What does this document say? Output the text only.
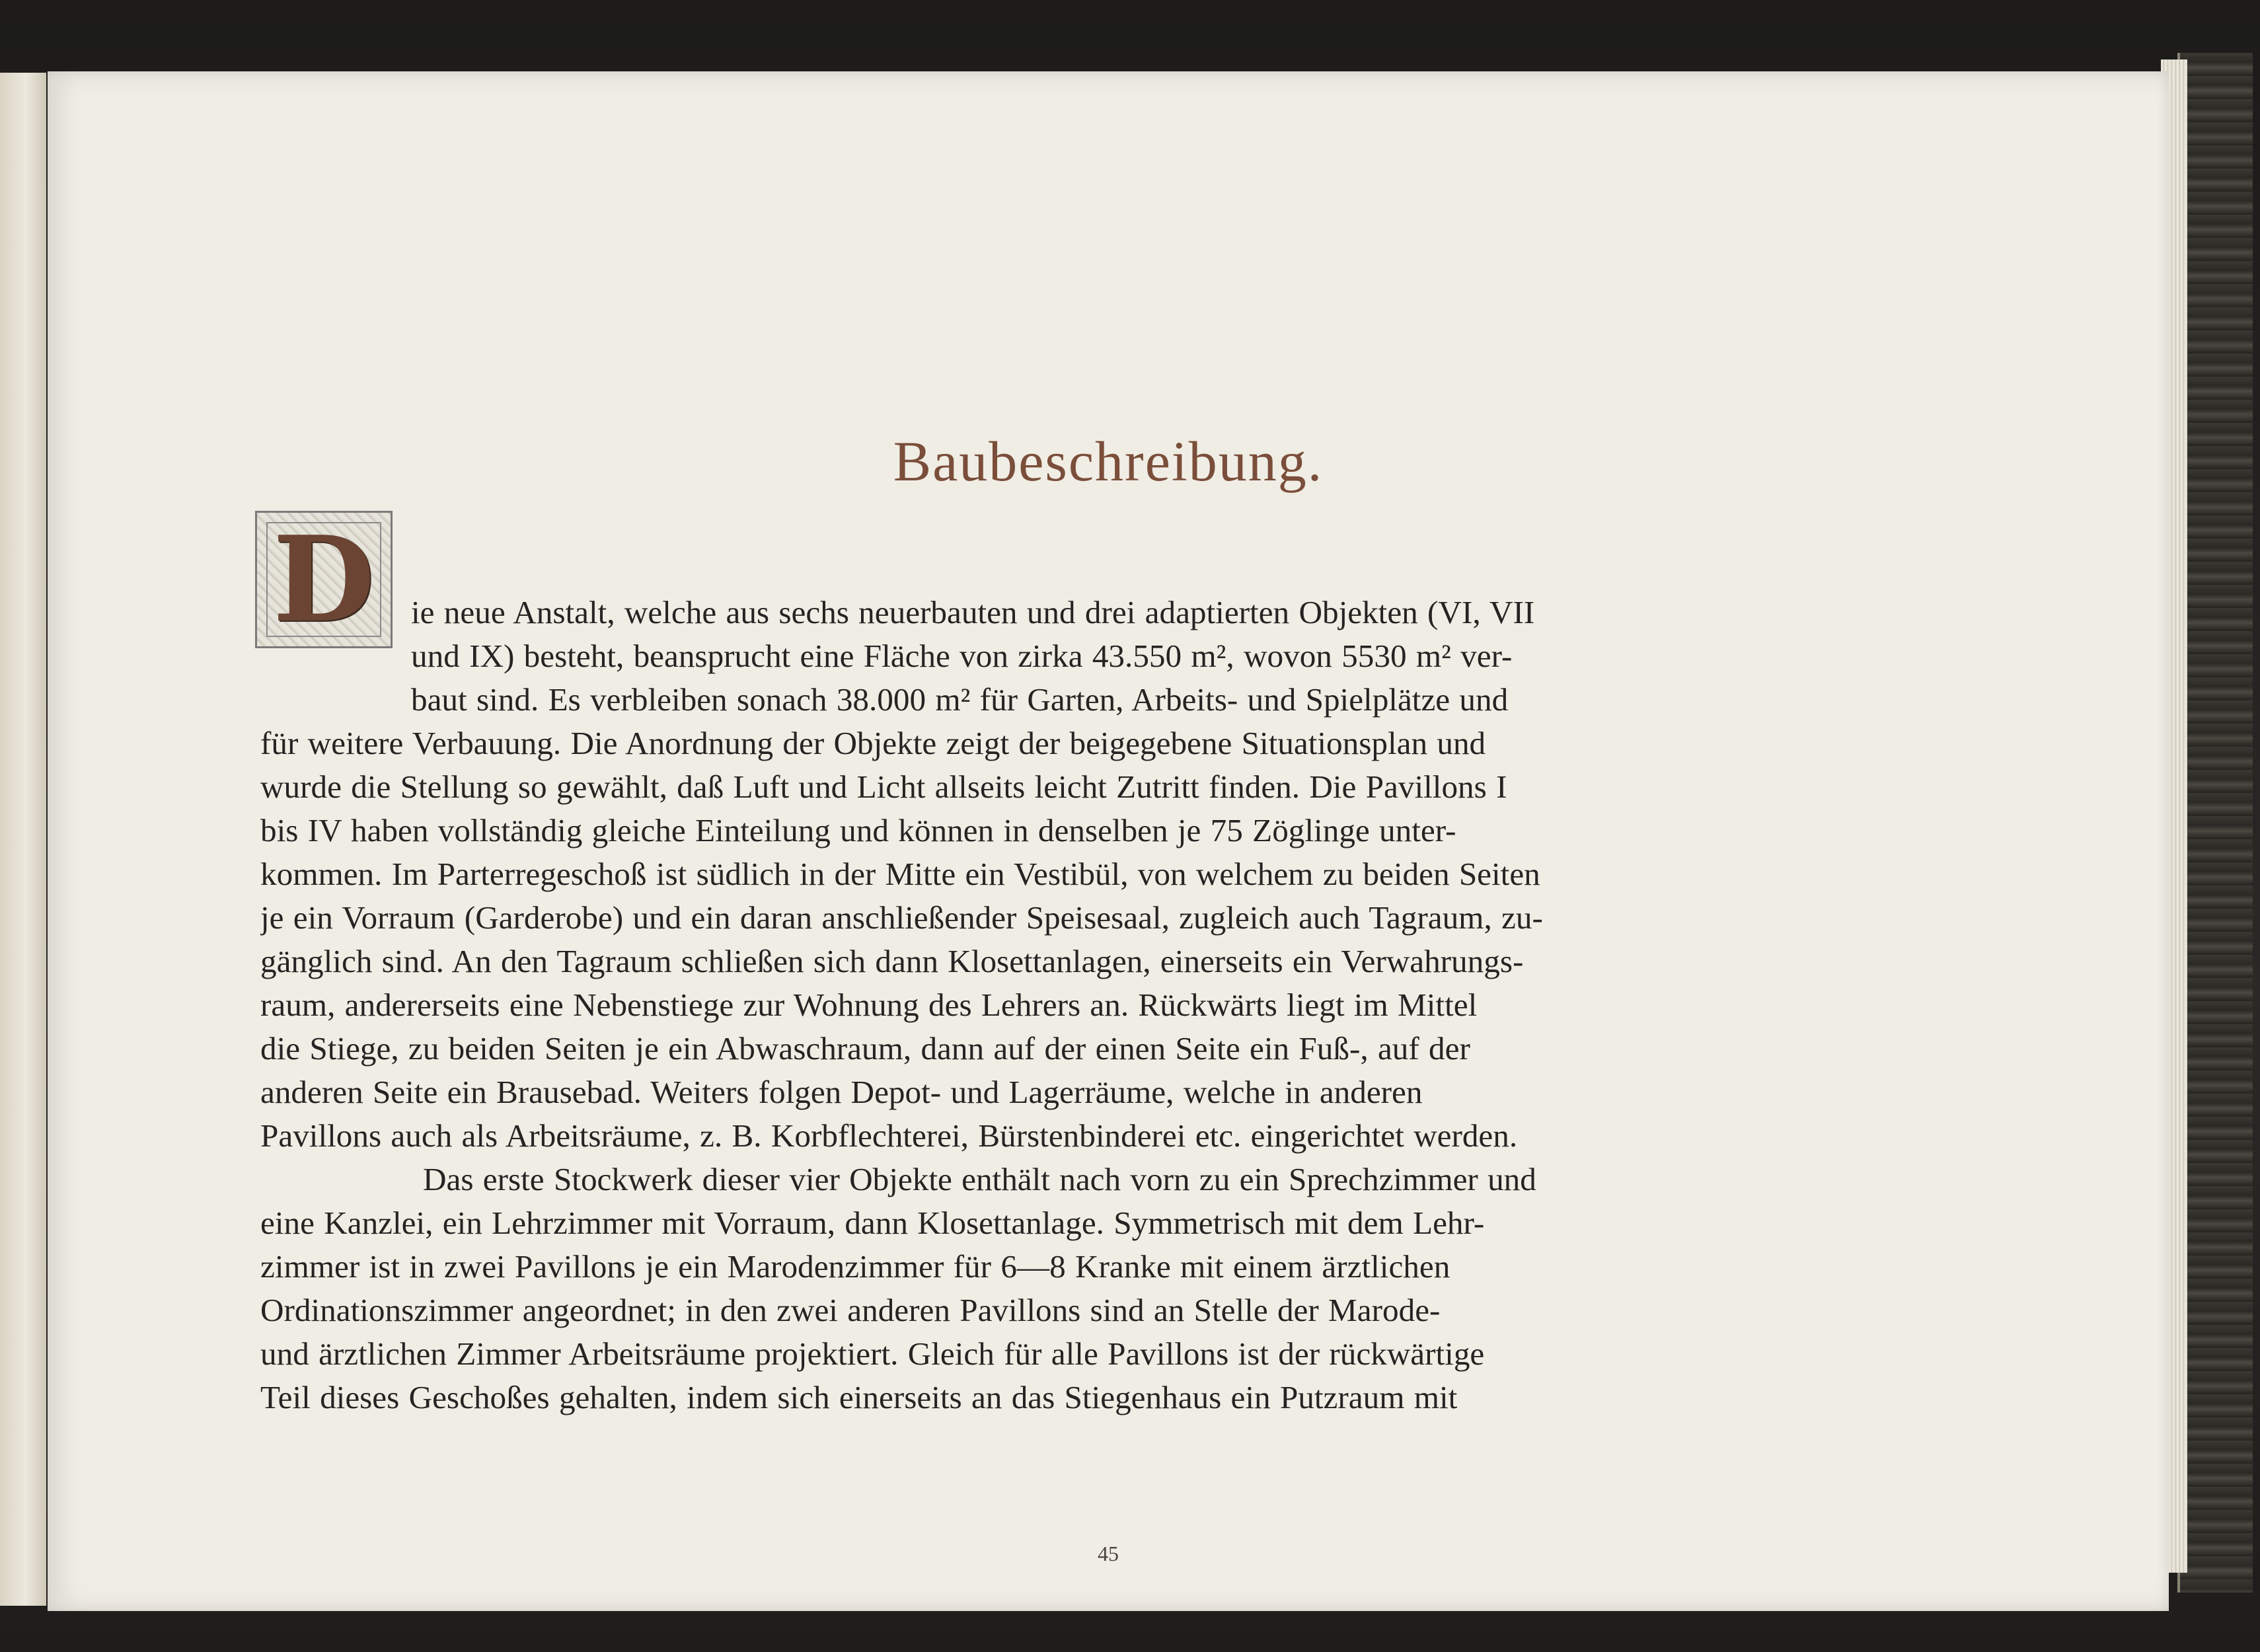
Baubeschreibung.
D	ie neue Anstalt, welche aus sechs neuerbauten und drei adaptierten Objekten (VI, VII
und IX) besteht, beansprucht eine Fläche von zirka 43.550 m², wovon 5530 m² ver-
baut sind. Es verbleiben sonach 38.000 m² für Garten, Arbeits- und Spielplätze und
für weitere Verbauung. Die Anordnung der Objekte zeigt der beigegebene Situationsplan und
wurde die Stellung so gewählt, daß Luft und Licht allseits leicht Zutritt finden. Die Pavillons I
bis IV haben vollständig gleiche Einteilung und können in denselben je 75 Zöglinge unter-
kommen. Im Parterregeschoß ist südlich in der Mitte ein Vestibül, von welchem zu beiden Seiten
je ein Vorraum (Garderobe) und ein daran anschließender Speisesaal, zugleich auch Tagraum, zu-
gänglich sind. An den Tagraum schließen sich dann Klosettanlagen, einerseits ein Verwahrungs-
raum, andererseits eine Nebenstiege zur Wohnung des Lehrers an. Rückwärts liegt im Mittel
die Stiege, zu beiden Seiten je ein Abwaschraum, dann auf der einen Seite ein Fuß-, auf der
anderen Seite ein Brausebad. Weiters folgen Depot- und Lagerräume, welche in anderen
Pavillons auch als Arbeitsräume, z. B. Korbflechterei, Bürstenbinderei etc. eingerichtet werden.
Das erste Stockwerk dieser vier Objekte enthält nach vorn zu ein Sprechzimmer und
eine Kanzlei, ein Lehrzimmer mit Vorraum, dann Klosettanlage. Symmetrisch mit dem Lehr-
zimmer ist in zwei Pavillons je ein Marodenzimmer für 6—8 Kranke mit einem ärztlichen
Ordinationszimmer angeordnet; in den zwei anderen Pavillons sind an Stelle der Marode-
und ärztlichen Zimmer Arbeitsräume projektiert. Gleich für alle Pavillons ist der rückwärtige
Teil dieses Geschoßes gehalten, indem sich einerseits an das Stiegenhaus ein Putzraum mit

45
